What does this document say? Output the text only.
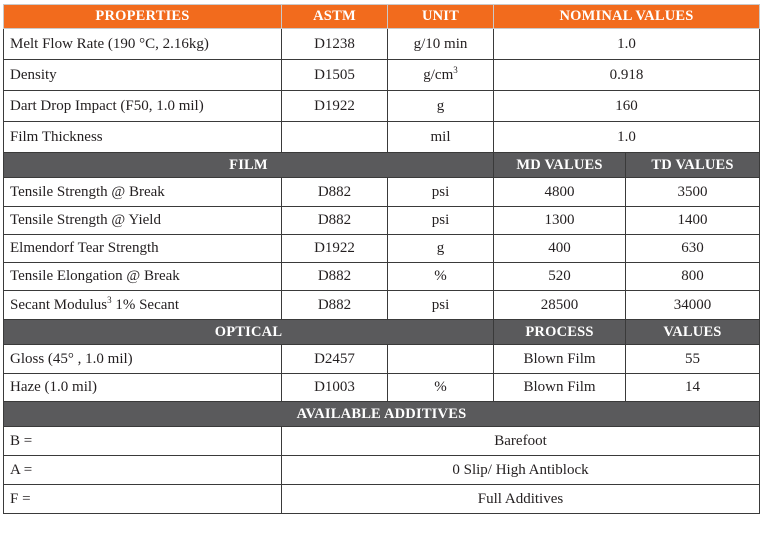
PROPERTIES	ASTM	UNIT	NOMINAL VALUES	
Melt Flow Rate (190 °C, 2.16kg)	D1238	g/10 min	1.0	
Density	D1505	$g/cm^3$	0.918	
Dart Drop Impact (F50, 1.0 mil)	D1922	g	160	
Film Thickness		mil	1.0	
FILM			MD VALUES	TD VALUES
Tensile Strength @ Break	D882	psi	4800	3500
Tensile Strength @ Yield	D882	psi	1300	1400
Elmendorf Tear Strength	D1922	g	400	630
Tensile Elongation @ Break	D882	%	520	800
Secant Modulus$^3$ 1% Secant	D882	psi	28500	34000
OPTICAL			PROCESS	VALUES
Gloss (45° , 1.0 mil)	D2457		Blown Film	55
Haze (1.0 mil)	D1003	%	Blown Film	14
AVAILABLE ADDITIVES				
B =	Barefoot			
A =	0 Slip/ High Antiblock			
F =	Full Additives			
